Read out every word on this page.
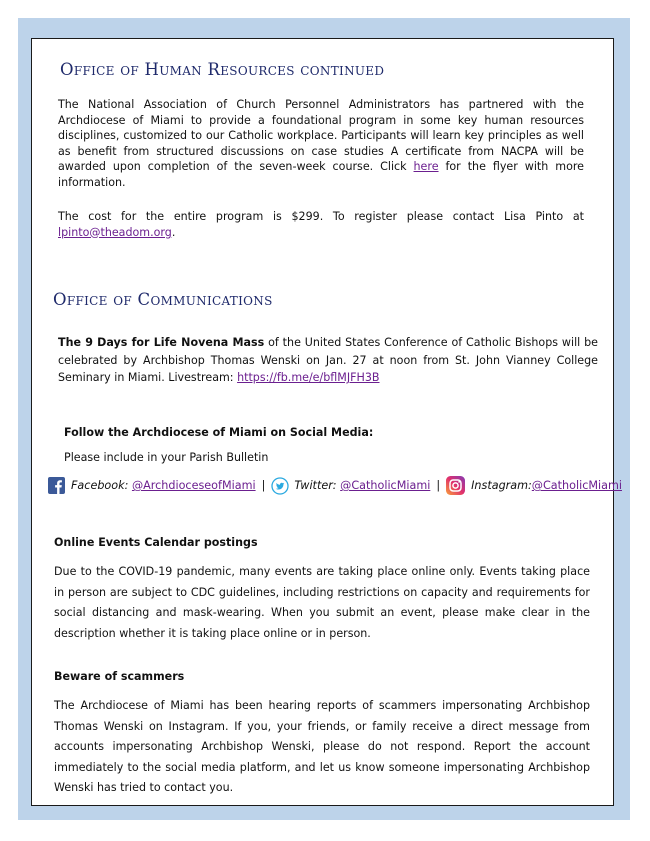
Office of Human Resources continued
The National Association of Church Personnel Administrators has partnered with the Archdiocese of Miami to provide a foundational program in some key human resources disciplines, customized to our Catholic workplace. Participants will learn key principles as well as benefit from structured discussions on case studies A certificate from NACPA will be awarded upon completion of the seven-week course. Click here for the flyer with more information.
The cost for the entire program is $299. To register please contact Lisa Pinto at lpinto@theadom.org.
Office of Communications
The 9 Days for Life Novena Mass of the United States Conference of Catholic Bishops will be celebrated by Archbishop Thomas Wenski on Jan. 27 at noon from St. John Vianney College Seminary in Miami. Livestream: https://fb.me/e/bflMJFH3B
Follow the Archdiocese of Miami on Social Media:
Please include in your Parish Bulletin
Facebook:
@ArchdioceseofMiami |	Twitter:
@CatholicMiami |	Instagram: @CatholicMiami
Online Events Calendar postings
Due to the COVID-19 pandemic, many events are taking place online only. Events taking place in person are subject to CDC guidelines, including restrictions on capacity and requirements for social distancing and mask-wearing. When you submit an event, please make clear in the description whether it is taking place online or in person.
Beware of scammers
The Archdiocese of Miami has been hearing reports of scammers impersonating Archbishop Thomas Wenski on Instagram. If you, your friends, or family receive a direct message from accounts impersonating Archbishop Wenski, please do not respond. Report the account immediately to the social media platform, and let us know someone impersonating Archbishop Wenski has tried to contact you.
